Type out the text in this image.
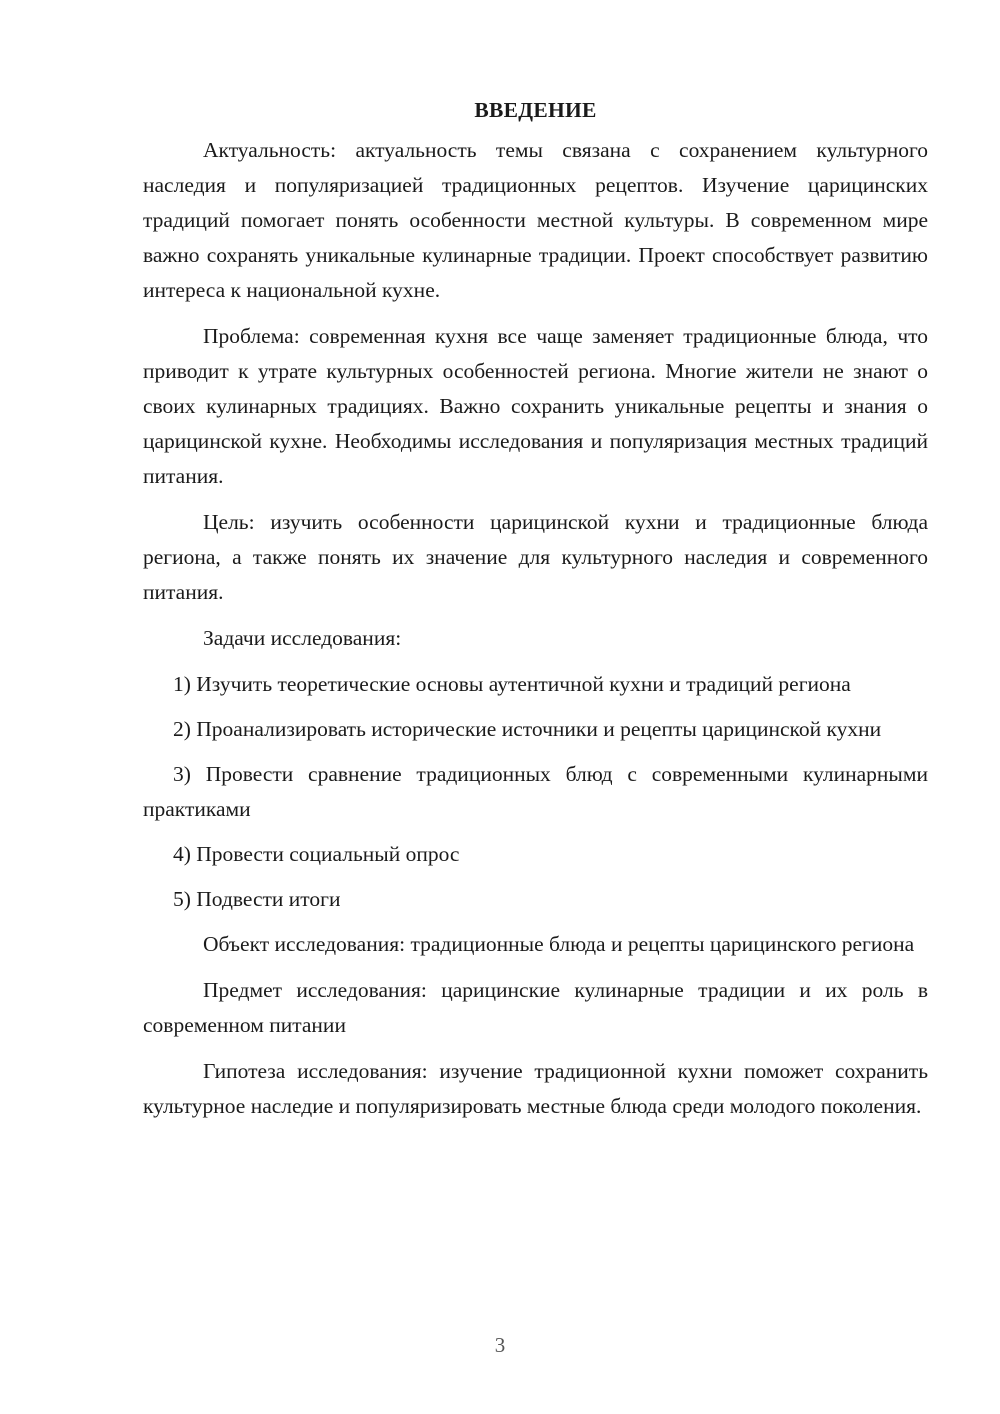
ВВЕДЕНИЕ

Актуальность: актуальность темы связана с сохранением культурного наследия и популяризацией традиционных рецептов. Изучение царицинских традиций помогает понять особенности местной культуры. В современном мире важно сохранять уникальные кулинарные традиции. Проект способствует развитию интереса к национальной кухне.

Проблема: современная кухня все чаще заменяет традиционные блюда, что приводит к утрате культурных особенностей региона. Многие жители не знают о своих кулинарных традициях. Важно сохранить уникальные рецепты и знания о царицинской кухне. Необходимы исследования и популяризация местных традиций питания.

Цель: изучить особенности царицинской кухни и традиционные блюда региона, а также понять их значение для культурного наследия и современного питания.

Задачи исследования:

1) Изучить теоретические основы аутентичной кухни и традиций региона

2) Проанализировать исторические источники и рецепты царицинской кухни

3) Провести сравнение традиционных блюд с современными кулинарными практиками

4) Провести социальный опрос

5) Подвести итоги

Объект исследования: традиционные блюда и рецепты царицинского региона

Предмет исследования: царицинские кулинарные традиции и их роль в современном питании

Гипотеза исследования: изучение традиционной кухни поможет сохранить культурное наследие и популяризировать местные блюда среди молодого поколения.

3
